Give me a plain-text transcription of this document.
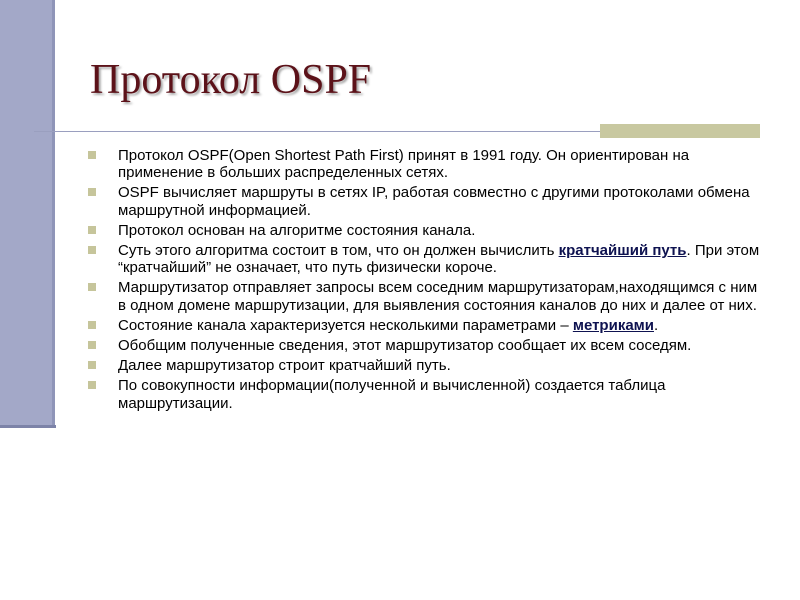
Протокол OSPF
Протокол OSPF(Open Shortest Path First) принят в 1991 году. Он ориентирован на применение в больших распределенных сетях.
OSPF вычисляет маршруты в сетях IP, работая совместно с другими протоколами обмена маршрутной информацией.
Протокол основан на алгоритме состояния канала.
Суть этого алгоритма состоит в том, что он должен вычислить кратчайший путь. При этом “кратчайший” не означает, что путь физически короче.
Маршрутизатор отправляет запросы всем соседним маршрутизаторам,находящимся с ним в одном домене маршрутизации, для выявления состояния каналов до них и далее от них.
Состояние канала характеризуется несколькими параметрами – метриками.
Обобщим полученные сведения, этот маршрутизатор сообщает их всем соседям.
Далее маршрутизатор строит кратчайший путь.
По совокупности информации(полученной и вычисленной) создается таблица маршрутизации.
